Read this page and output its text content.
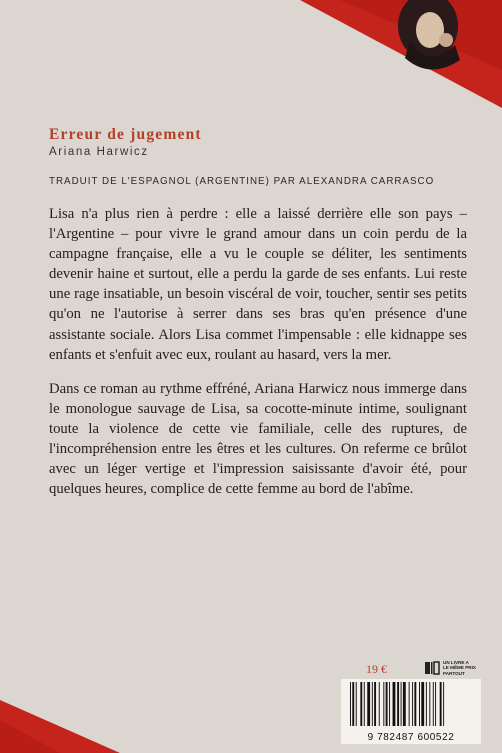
Erreur de jugement
Ariana Harwicz
TRADUIT DE L'ESPAGNOL (ARGENTINE) PAR ALEXANDRA CARRASCO

Lisa n'a plus rien à perdre : elle a laissé derrière elle son pays – l'Argentine – pour vivre le grand amour dans un coin perdu de la campagne française, elle a vu le couple se déliter, les sentiments devenir haine et surtout, elle a perdu la garde de ses enfants. Lui reste une rage insatiable, un besoin viscéral de voir, toucher, sentir ses petits qu'on ne l'autorise à serrer dans ses bras qu'en présence d'une assistante sociale. Alors Lisa commet l'impensable : elle kidnappe ses enfants et s'enfuit avec eux, roulant au hasard, vers la mer.

Dans ce roman au rythme effréné, Ariana Harwicz nous immerge dans le monologue sauvage de Lisa, sa cocotte-minute intime, soulignant toute la violence de cette vie familiale, celle des ruptures, de l'incompréhension entre les êtres et les cultures. On referme ce brûlot avec un léger vertige et l'impression saisissante d'avoir été, pour quelques heures, complice de cette femme au bord de l'abîme.

19 €	UN LIVRE A
LE MÊME PRIX
PARTOUT
9 782487 600522
